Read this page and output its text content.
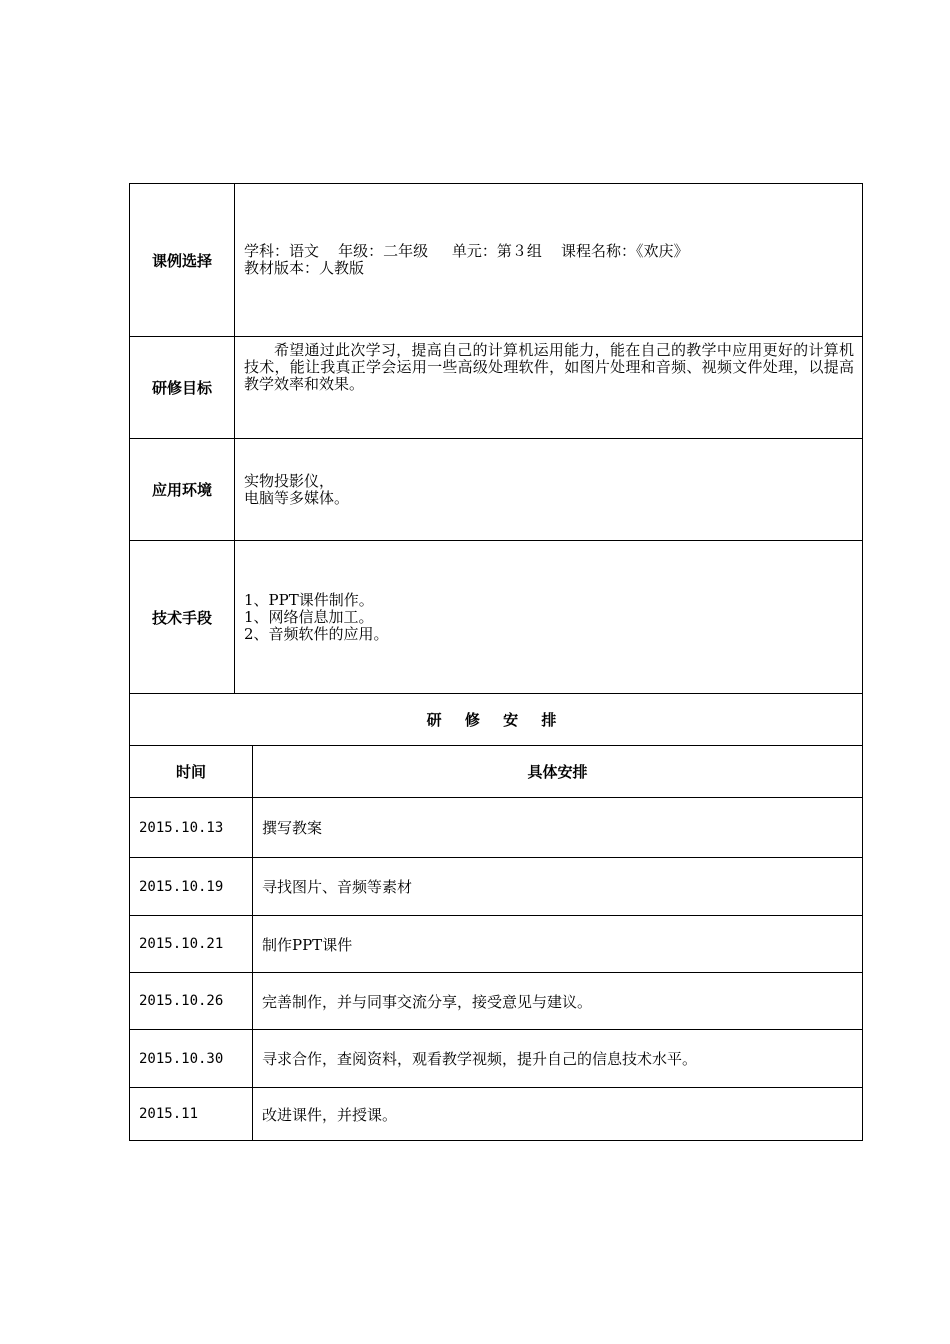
课例选择	学科：语文    年级：二年级     单元：第３组    课程名称：《欢庆》
教材版本：人教版	

研修目标	希望通过此次学习，提高自己的计算机运用能力，能在自己的教学中应用更好的计算机技术，能让我真正学会运用一些高级处理软件，如图片处理和音频、视频文件处理，以提高教学效率和效果。	

应用环境	实物投影仪，
电脑等多媒体。	

技术手段	1、PPT课件制作。
1、网络信息加工。
2、音频软件的应用。	

研 修 安 排		
时间		具体安排
2015.10.13		撰写教案
2015.10.19		寻找图片、音频等素材
2015.10.21		制作PPT课件
2015.10.26		完善制作，并与同事交流分享，接受意见与建议。
2015.10.30		寻求合作，查阅资料，观看教学视频，提升自己的信息技术水平。
2015.11		改进课件，并授课。
